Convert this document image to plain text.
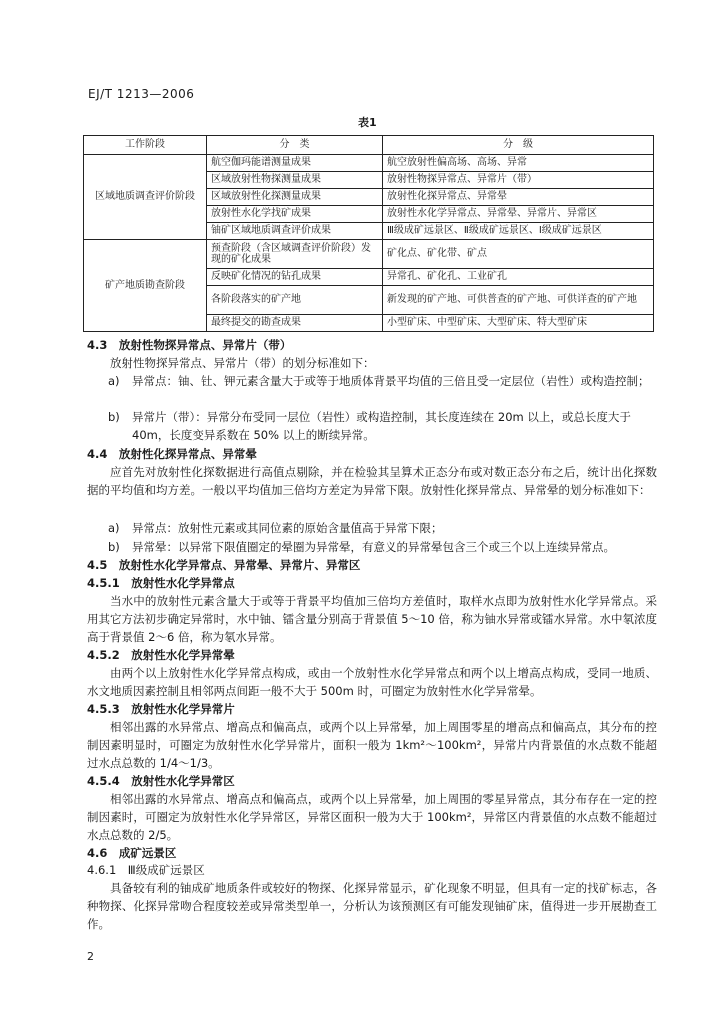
EJ/T 1213—2006
表1
工作阶段	分　类	分　级
区域地质调查评价阶段	航空伽玛能谱测量成果	航空放射性偏高场、高场、异常
	区域放射性物探测量成果	放射性物探异常点、异常片（带）
	区域放射性化探测量成果	放射性化探异常点、异常晕
	放射性水化学找矿成果	放射性水化学异常点、异常晕、异常片、异常区
	铀矿区域地质调查评价成果	Ⅲ级成矿远景区、Ⅱ级成矿远景区、Ⅰ级成矿远景区
矿产地质勘查阶段	预查阶段（含区域调查评价阶段）发现的矿化成果	矿化点、矿化带、矿点
	反映矿化情况的钻孔成果	异常孔、矿化孔、工业矿孔
	各阶段落实的矿产地	新发现的矿产地、可供普查的矿产地、可供详查的矿产地
	最终提交的勘查成果	小型矿床、中型矿床、大型矿床、特大型矿床
4.3　放射性物探异常点、异常片（带）
放射性物探异常点、异常片（带）的划分标准如下：
a) 异常点：铀、钍、钾元素含量大于或等于地质体背景平均值的三倍且受一定层位（岩性）或构造控制；
b) 异常片（带）：异常分布受同一层位（岩性）或构造控制，其长度连续在 20m 以上，或总长度大于 40m，长度变异系数在 50% 以上的断续异常。
4.4　放射性化探异常点、异常晕
应首先对放射性化探数据进行高值点剔除，并在检验其呈算术正态分布或对数正态分布之后，统计出化探数据的平均值和均方差。一般以平均值加三倍均方差定为异常下限。放射性化探异常点、异常晕的划分标准如下：
a) 异常点：放射性元素或其同位素的原始含量值高于异常下限；
b) 异常晕：以异常下限值圈定的晕圈为异常晕，有意义的异常晕包含三个或三个以上连续异常点。
4.5　放射性水化学异常点、异常晕、异常片、异常区
4.5.1　放射性水化学异常点
当水中的放射性元素含量大于或等于背景平均值加三倍均方差值时，取样水点即为放射性水化学异常点。采用其它方法初步确定异常时，水中铀、镭含量分别高于背景值 5～10 倍，称为铀水异常或镭水异常。水中氡浓度高于背景值 2～6 倍，称为氡水异常。
4.5.2　放射性水化学异常晕
由两个以上放射性水化学异常点构成，或由一个放射性水化学异常点和两个以上增高点构成，受同一地质、水文地质因素控制且相邻两点间距一般不大于 500m 时，可圈定为放射性水化学异常晕。
4.5.3　放射性水化学异常片
相邻出露的水异常点、增高点和偏高点，或两个以上异常晕，加上周围零星的增高点和偏高点，其分布的控制因素明显时，可圈定为放射性水化学异常片，面积一般为 1km²～100km²，异常片内背景值的水点数不能超过水点总数的 1/4～1/3。
4.5.4　放射性水化学异常区
相邻出露的水异常点、增高点和偏高点，或两个以上异常晕，加上周围的零星异常点，其分布存在一定的控制因素时，可圈定为放射性水化学异常区，异常区面积一般为大于 100km²，异常区内背景值的水点数不能超过水点总数的 2/5。
4.6　成矿远景区
4.6.1　Ⅲ级成矿远景区
具备较有利的铀成矿地质条件或较好的物探、化探异常显示，矿化现象不明显，但具有一定的找矿标志，各种物探、化探异常吻合程度较差或异常类型单一，分析认为该预测区有可能发现铀矿床，值得进一步开展勘查工作。
2
